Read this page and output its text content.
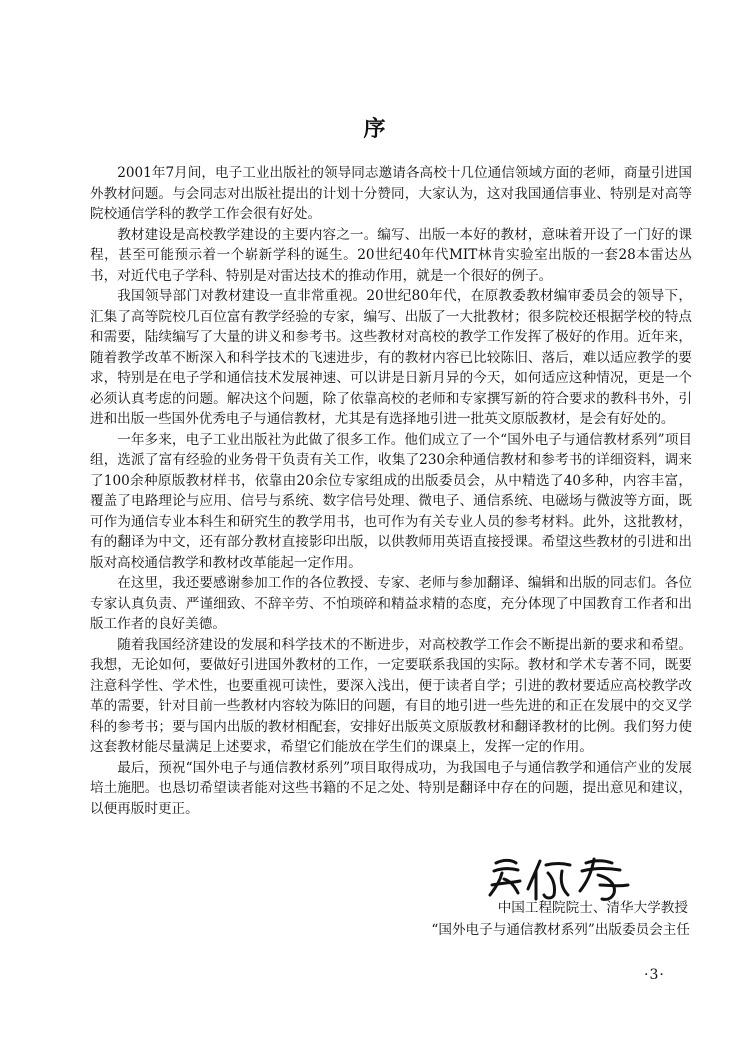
序

2001年7月间，电子工业出版社的领导同志邀请各高校十几位通信领域方面的老师，商量引进国外教材问题。与会同志对出版社提出的计划十分赞同，大家认为，这对我国通信事业、特别是对高等院校通信学科的教学工作会很有好处。

教材建设是高校教学建设的主要内容之一。编写、出版一本好的教材，意味着开设了一门好的课程，甚至可能预示着一个崭新学科的诞生。20世纪40年代MIT林肯实验室出版的一套28本雷达丛书，对近代电子学科、特别是对雷达技术的推动作用，就是一个很好的例子。

我国领导部门对教材建设一直非常重视。20世纪80年代，在原教委教材编审委员会的领导下，汇集了高等院校几百位富有教学经验的专家，编写、出版了一大批教材；很多院校还根据学校的特点和需要，陆续编写了大量的讲义和参考书。这些教材对高校的教学工作发挥了极好的作用。近年来，随着教学改革不断深入和科学技术的飞速进步，有的教材内容已比较陈旧、落后，难以适应教学的要求，特别是在电子学和通信技术发展神速、可以讲是日新月异的今天，如何适应这种情况，更是一个必须认真考虑的问题。解决这个问题，除了依靠高校的老师和专家撰写新的符合要求的教科书外，引进和出版一些国外优秀电子与通信教材，尤其是有选择地引进一批英文原版教材，是会有好处的。

一年多来，电子工业出版社为此做了很多工作。他们成立了一个“国外电子与通信教材系列”项目组，选派了富有经验的业务骨干负责有关工作，收集了230余种通信教材和参考书的详细资料，调来了100余种原版教材样书，依靠由20余位专家组成的出版委员会，从中精选了40多种，内容丰富，覆盖了电路理论与应用、信号与系统、数字信号处理、微电子、通信系统、电磁场与微波等方面，既可作为通信专业本科生和研究生的教学用书，也可作为有关专业人员的参考材料。此外，这批教材，有的翻译为中文，还有部分教材直接影印出版，以供教师用英语直接授课。希望这些教材的引进和出版对高校通信教学和教材改革能起一定作用。

在这里，我还要感谢参加工作的各位教授、专家、老师与参加翻译、编辑和出版的同志们。各位专家认真负责、严谨细致、不辞辛劳、不怕琐碎和精益求精的态度，充分体现了中国教育工作者和出版工作者的良好美德。

随着我国经济建设的发展和科学技术的不断进步，对高校教学工作会不断提出新的要求和希望。我想，无论如何，要做好引进国外教材的工作，一定要联系我国的实际。教材和学术专著不同，既要注意科学性、学术性，也要重视可读性，要深入浅出，便于读者自学；引进的教材要适应高校教学改革的需要，针对目前一些教材内容较为陈旧的问题，有目的地引进一些先进的和正在发展中的交叉学科的参考书；要与国内出版的教材相配套，安排好出版英文原版教材和翻译教材的比例。我们努力使这套教材能尽量满足上述要求，希望它们能放在学生们的课桌上，发挥一定的作用。

最后，预祝“国外电子与通信教材系列”项目取得成功，为我国电子与通信教学和通信产业的发展培土施肥。也恳切希望读者能对这些书籍的不足之处、特别是翻译中存在的问题，提出意见和建议，以便再版时更正。

中国工程院院士、清华大学教授
“国外电子与通信教材系列”出版委员会主任
·3·
